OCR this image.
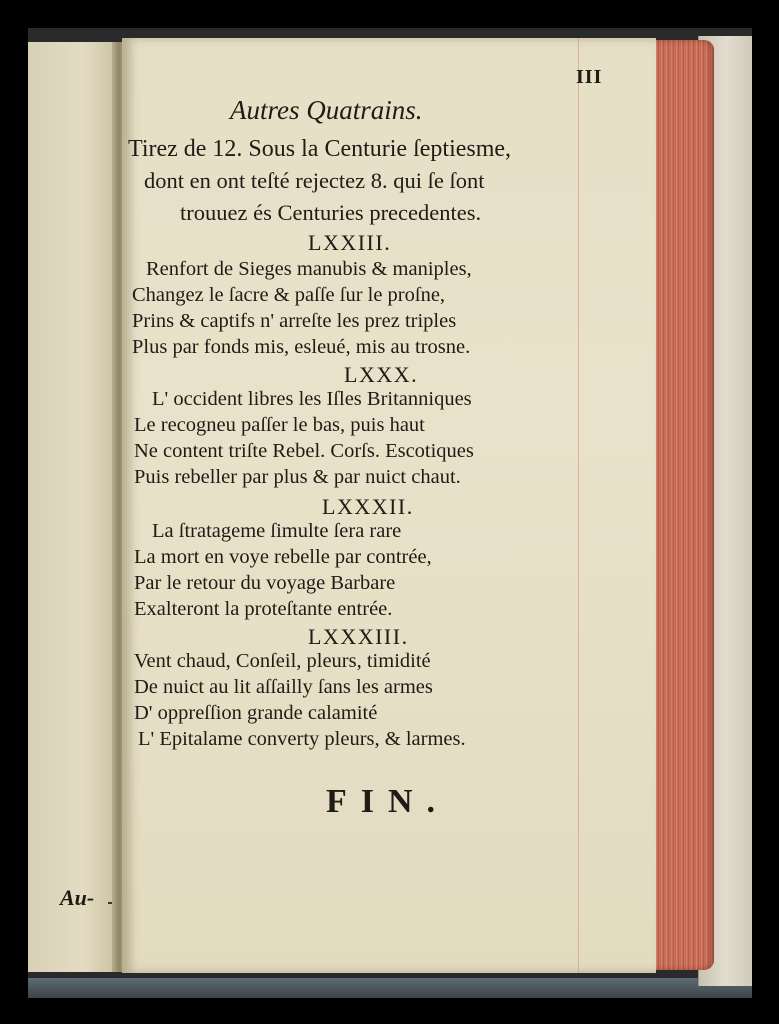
Au-
III
Autres Quatrains.
Tirez de 12. Sous la Centurie ſeptiesme,
dont en ont teſté rejectez 8. qui ſe ſont
trouuez és Centuries precedentes.
LXXIII.
Renfort de Sieges manubis & maniples,
Changez le ſacre & paſſe ſur le proſne,
Prins & captifs n' arreſte les prez triples
Plus par fonds mis, esleué, mis au trosne.
LXXX.
L' occident libres les Iſles Britanniques
Le recogneu paſſer le bas, puis haut
Ne content triſte Rebel. Corſs. Escotiques
Puis rebeller par plus & par nuict chaut.
LXXXII.
La ſtratageme ſimulte ſera rare
La mort en voye rebelle par contrée,
Par le retour du voyage Barbare
Exalteront la proteſtante entrée.
LXXXIII.
Vent chaud, Conſeil, pleurs, timidité
De nuict au lit aſſailly ſans les armes
D' oppreſſion grande calamité
L' Epitalame converty pleurs, & larmes.
FIN.
